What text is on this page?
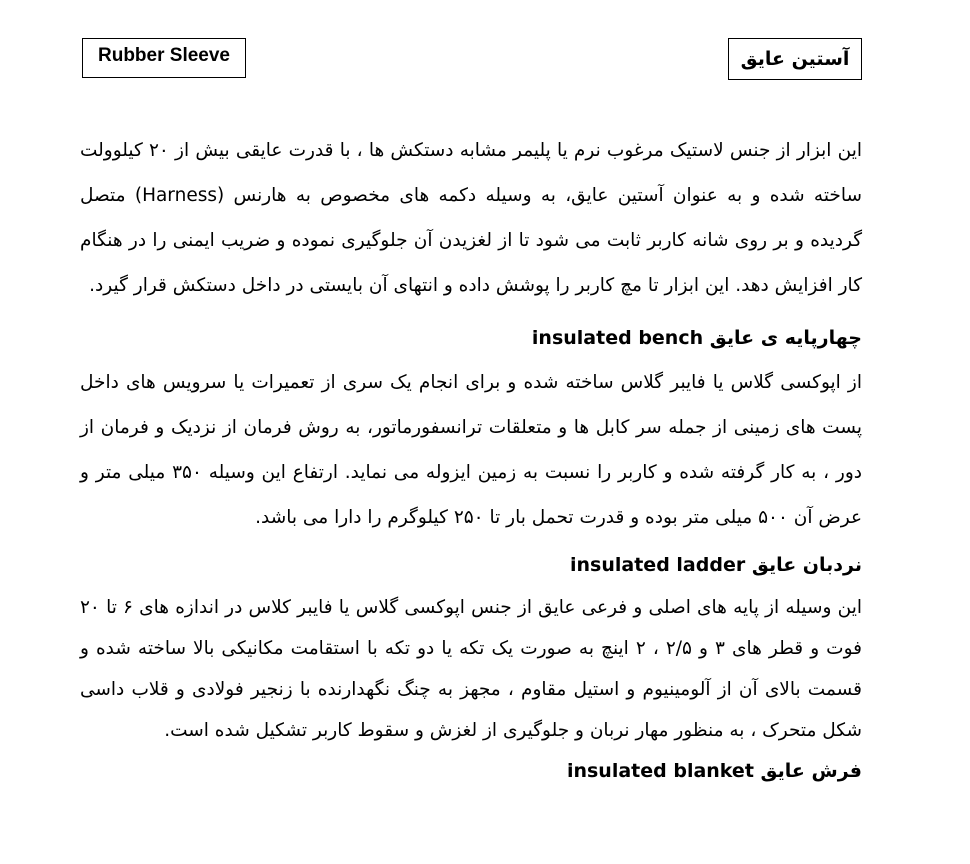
Rubber Sleeve	آستین عایق

این ابزار از جنس لاستیک مرغوب نرم یا پلیمر مشابه دستکش ها ، با قدرت عایقی بیش از ۲۰ کیلوولت ساخته شده و به عنوان آستین عایق، به وسیله دکمه های مخصوص به هارنس (Harness) متصل گردیده و بر روی شانه کاربر ثابت می شود تا از لغزیدن آن جلوگیری نموده و ضریب ایمنی را در هنگام کار افزایش دهد. این ابزار تا مچ کاربر را پوشش داده و انتهای آن بایستی در داخل دستکش قرار گیرد.

چهارپایه ی عایق insulated bench

از اپوکسی گلاس یا فایبر گلاس ساخته شده و برای انجام یک سری از تعمیرات یا سرویس های داخل پست های زمینی از جمله سر کابل ها و متعلقات ترانسفورماتور، به روش فرمان از نزدیک و فرمان از دور ، به کار گرفته شده و کاربر را نسبت به زمین ایزوله می نماید. ارتفاع این وسیله ۳۵۰ میلی متر و عرض آن ۵۰۰ میلی متر بوده و قدرت تحمل بار تا ۲۵۰ کیلوگرم را دارا می باشد.

نردبان عایق insulated ladder

این وسیله از پایه های اصلی و فرعی عایق از جنس اپوکسی گلاس یا فایبر کلاس در اندازه های ۶ تا ۲۰ فوت و قطر های ۳ و ۲/۵ ، ۲ اینچ به صورت یک تکه یا دو تکه با استقامت مکانیکی بالا ساخته شده و قسمت بالای آن از آلومینیوم و استیل مقاوم ، مجهز به چنگ نگهدارنده با زنجیر فولادی و قلاب داسی شکل متحرک ، به منظور مهار نربان و جلوگیری از لغزش و سقوط کاربر تشکیل شده است.

فرش عایق insulated blanket
